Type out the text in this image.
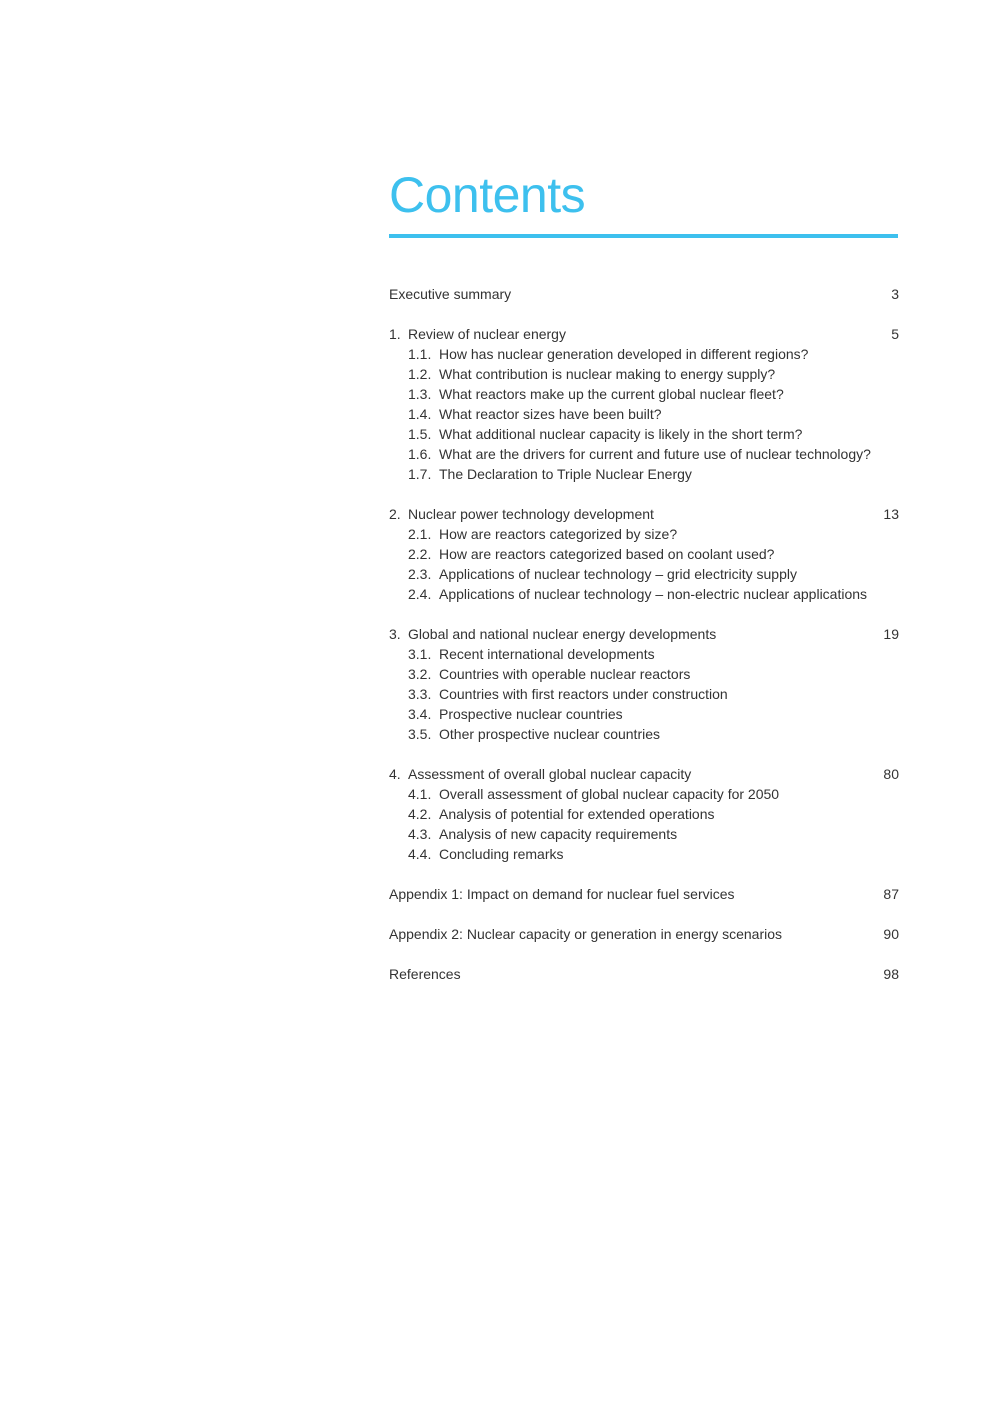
Contents
Executive summary	3
1. Review of nuclear energy	5
1.1. How has nuclear generation developed in different regions?
1.2. What contribution is nuclear making to energy supply?
1.3. What reactors make up the current global nuclear fleet?
1.4. What reactor sizes have been built?
1.5. What additional nuclear capacity is likely in the short term?
1.6. What are the drivers for current and future use of nuclear technology?
1.7. The Declaration to Triple Nuclear Energy
2. Nuclear power technology development	13
2.1. How are reactors categorized by size?
2.2. How are reactors categorized based on coolant used?
2.3. Applications of nuclear technology – grid electricity supply
2.4. Applications of nuclear technology – non-electric nuclear applications
3. Global and national nuclear energy developments	19
3.1. Recent international developments
3.2. Countries with operable nuclear reactors
3.3. Countries with first reactors under construction
3.4. Prospective nuclear countries
3.5. Other prospective nuclear countries
4. Assessment of overall global nuclear capacity	80
4.1. Overall assessment of global nuclear capacity for 2050
4.2. Analysis of potential for extended operations
4.3. Analysis of new capacity requirements
4.4. Concluding remarks
Appendix 1: Impact on demand for nuclear fuel services	87
Appendix 2: Nuclear capacity or generation in energy scenarios	90
References	98
